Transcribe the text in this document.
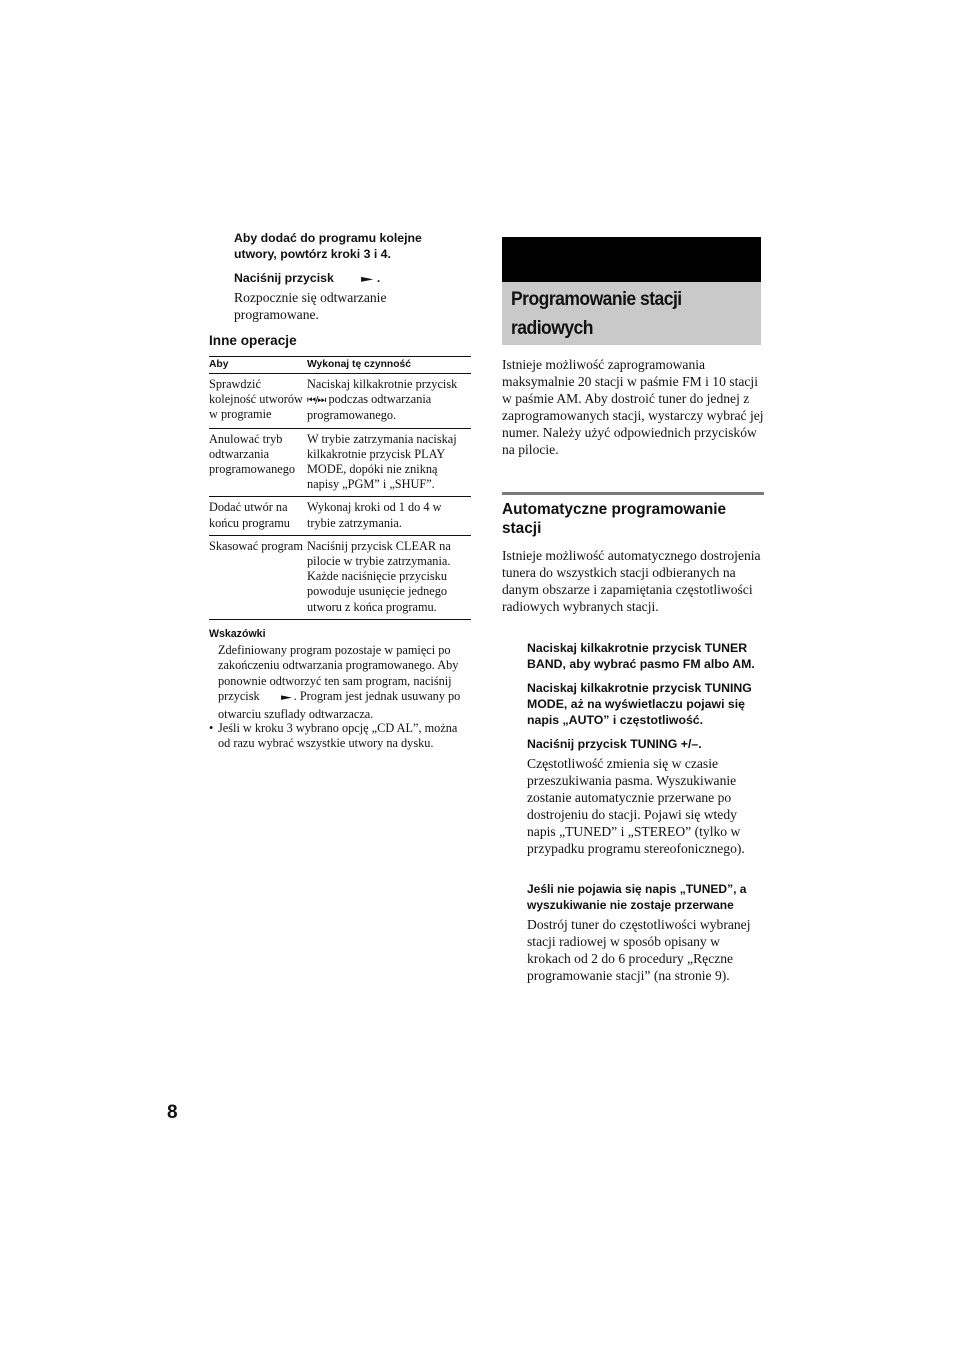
Aby dodać do programu kolejne utwory, powtórz kroki 3 i 4.
Naciśnij przycisk	► .
Rozpocznie się odtwarzanie programowane.
Inne operacje
Aby	Wykonaj tę czynność
Sprawdzić kolejność utworów w programie	Naciskaj kilkakrotnie przycisk
⏮/⏭ podczas odtwarzania programowanego.
Anulować tryb odtwarzania programowanego	W trybie zatrzymania naciskaj kilkakrotnie przycisk PLAY MODE, dopóki nie znikną napisy „PGM” i „SHUF”.
Dodać utwór na końcu programu	Wykonaj kroki od 1 do 4 w trybie zatrzymania.
Skasować program	Naciśnij przycisk CLEAR na pilocie w trybie zatrzymania. Każde naciśnięcie przycisku powoduje usunięcie jednego utworu z końca programu.
Wskazówki
Zdefiniowany program pozostaje w pamięci po zakończeniu odtwarzania programowanego. Aby ponownie odtworzyć ten sam program, naciśnij przycisk ► . Program jest jednak usuwany po otwarciu szuflady odtwarzacza.
• Jeśli w kroku 3 wybrano opcję „CD AL”, można od razu wybrać wszystkie utwory na dysku.
Programowanie stacji radiowych
Istnieje możliwość zaprogramowania maksymalnie 20 stacji w paśmie FM i 10 stacji w paśmie AM. Aby dostroić tuner do jednej z zaprogramowanych stacji, wystarczy wybrać jej numer. Należy użyć odpowiednich przycisków na pilocie.
Automatyczne programowanie stacji
Istnieje możliwość automatycznego dostrojenia tunera do wszystkich stacji odbieranych na danym obszarze i zapamiętania częstotliwości radiowych wybranych stacji.
Naciskaj kilkakrotnie przycisk TUNER BAND, aby wybrać pasmo FM albo AM.
Naciskaj kilkakrotnie przycisk TUNING MODE, aż na wyświetlaczu pojawi się napis „AUTO” i częstotliwość.
Naciśnij przycisk TUNING +/–.
Częstotliwość zmienia się w czasie przeszukiwania pasma. Wyszukiwanie zostanie automatycznie przerwane po dostrojeniu do stacji. Pojawi się wtedy napis „TUNED” i „STEREO” (tylko w przypadku programu stereofonicznego).
Jeśli nie pojawia się napis „TUNED”, a wyszukiwanie nie zostaje przerwane
Dostrój tuner do częstotliwości wybranej stacji radiowej w sposób opisany w krokach od 2 do 6 procedury „Ręczne programowanie stacji” (na stronie 9).
8
